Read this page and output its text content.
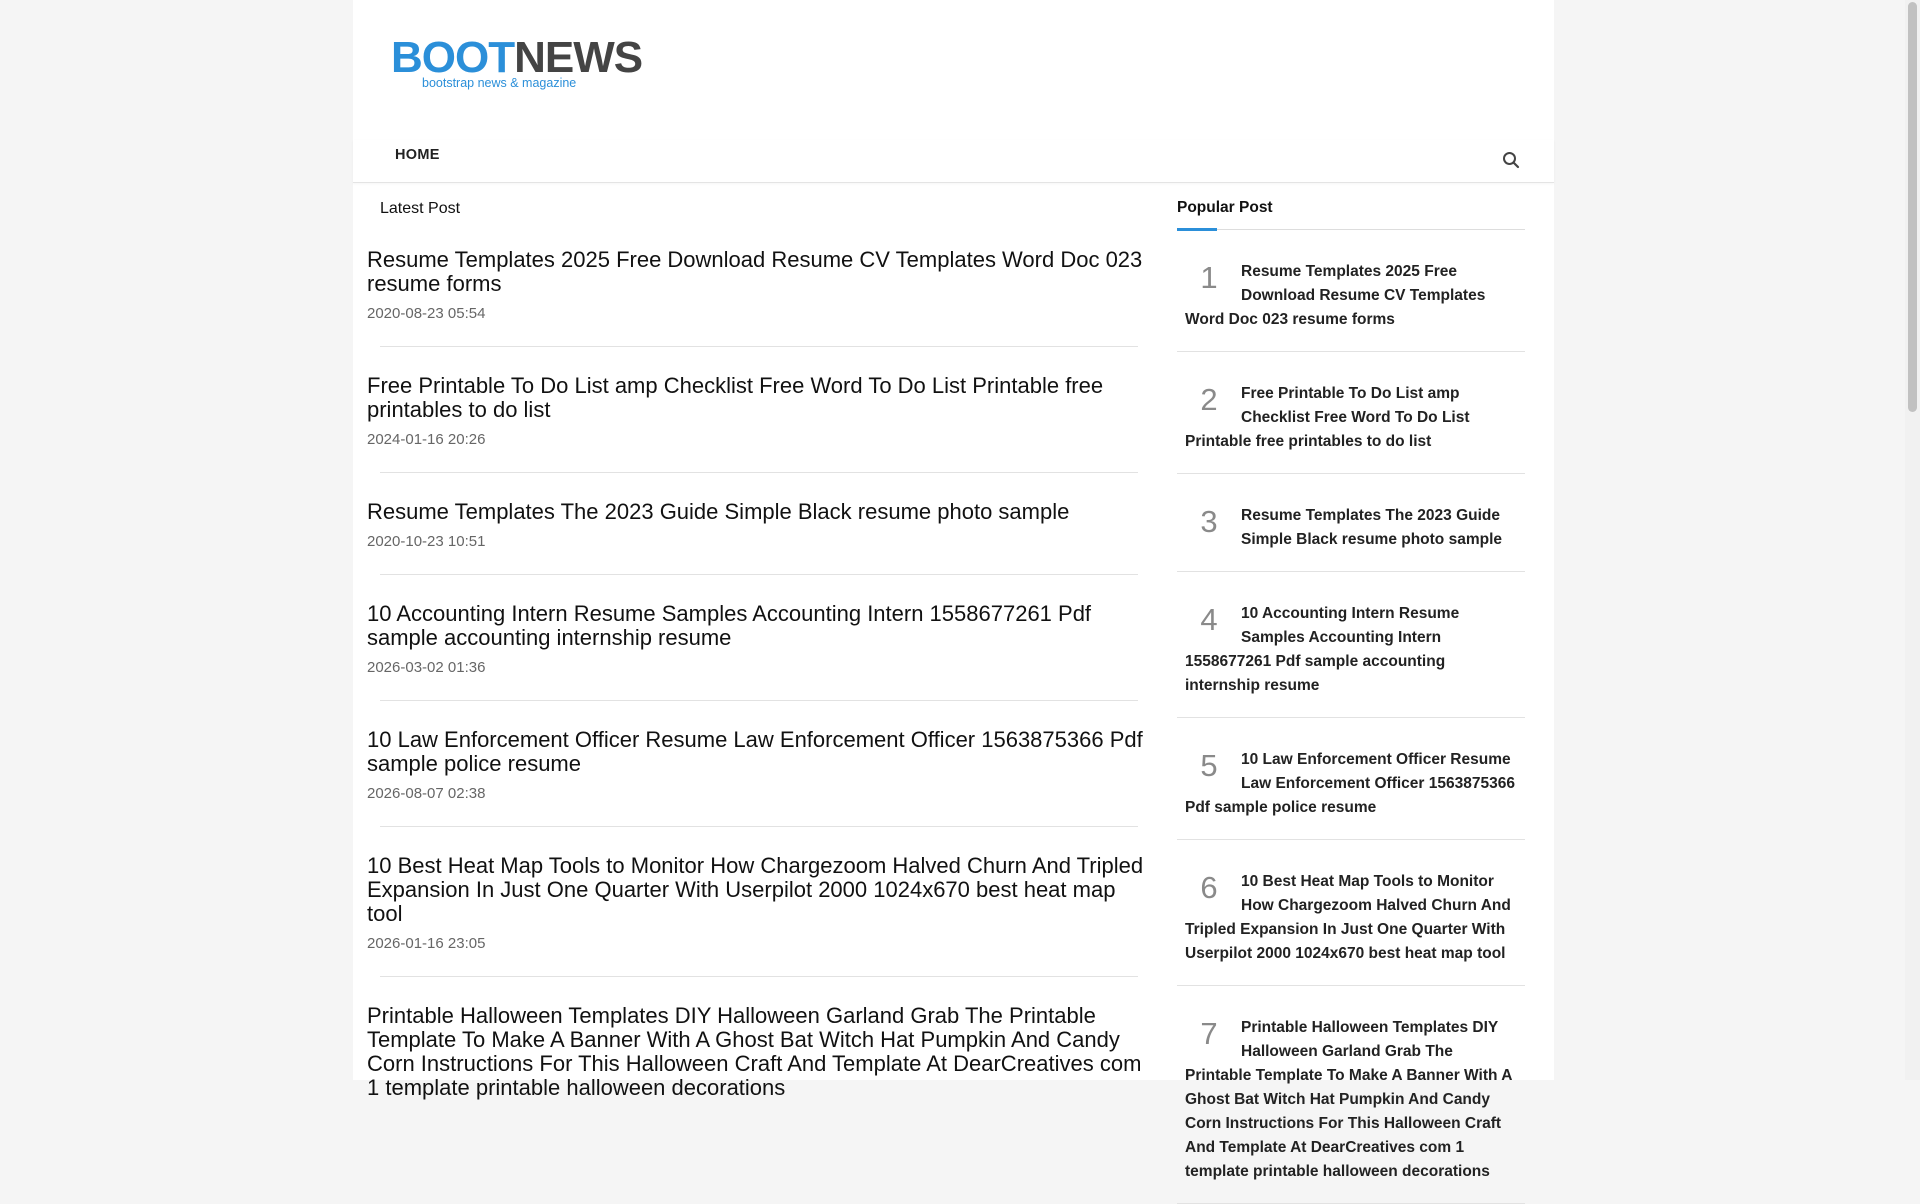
BOOTNEWS
bootstrap news & magazine
HOME
Latest Post
Resume Templates 2025 Free Download Resume CV Templates Word Doc 023 resume forms
2020-08-23 05:54
Free Printable To Do List amp Checklist Free Word To Do List Printable free printables to do list
2024-01-16 20:26
Resume Templates The 2023 Guide Simple Black resume photo sample
2020-10-23 10:51
10 Accounting Intern Resume Samples Accounting Intern 1558677261 Pdf sample accounting internship resume
2026-03-02 01:36
10 Law Enforcement Officer Resume Law Enforcement Officer 1563875366 Pdf sample police resume
2026-08-07 02:38
10 Best Heat Map Tools to Monitor How Chargezoom Halved Churn And Tripled Expansion In Just One Quarter With Userpilot 2000 1024x670 best heat map tool
2026-01-16 23:05
Printable Halloween Templates DIY Halloween Garland Grab The Printable Template To Make A Banner With A Ghost Bat Witch Hat Pumpkin And Candy Corn Instructions For This Halloween Craft And Template At DearCreatives com 1 template printable halloween decorations
Popular Post
1	Resume Templates 2025 Free Download Resume CV Templates Word Doc 023 resume forms
2	Free Printable To Do List amp Checklist Free Word To Do List Printable free printables to do list
3	Resume Templates The 2023 Guide Simple Black resume photo sample
4	10 Accounting Intern Resume Samples Accounting Intern 1558677261 Pdf sample accounting internship resume
5	10 Law Enforcement Officer Resume Law Enforcement Officer 1563875366 Pdf sample police resume
6	10 Best Heat Map Tools to Monitor How Chargezoom Halved Churn And Tripled Expansion In Just One Quarter With Userpilot 2000 1024x670 best heat map tool
7	Printable Halloween Templates DIY Halloween Garland Grab The Printable Template To Make A Banner With A Ghost Bat Witch Hat Pumpkin And Candy Corn Instructions For This Halloween Craft And Template At DearCreatives com 1 template printable halloween decorations
